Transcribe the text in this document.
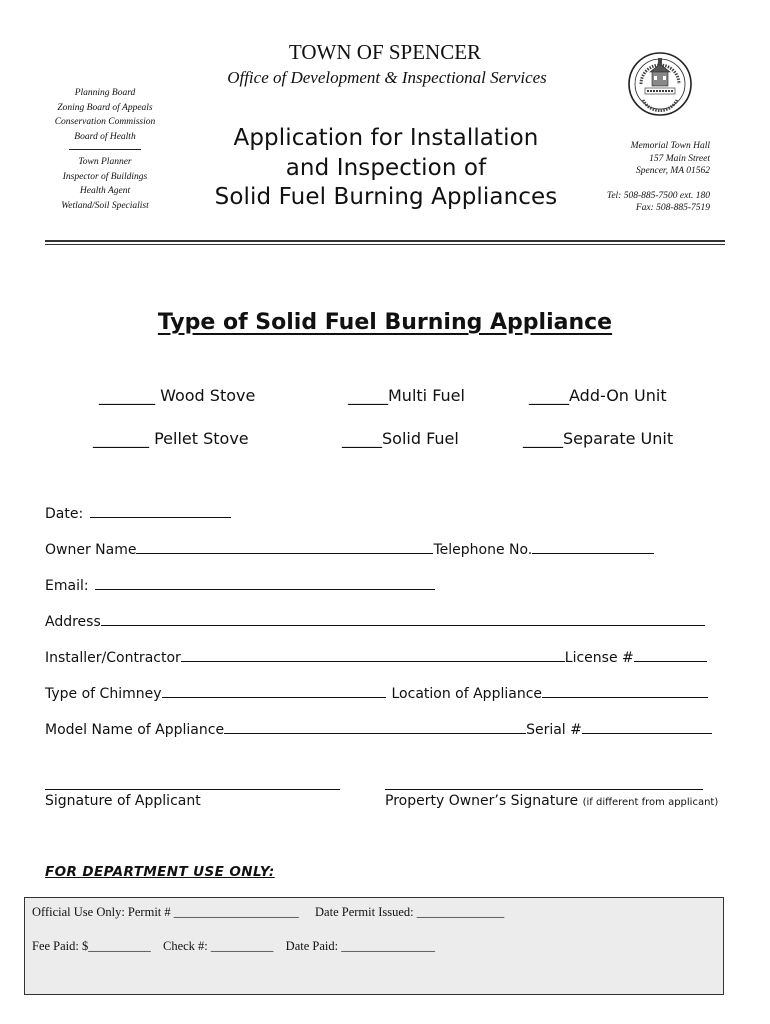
TOWN OF SPENCER
Office of Development & Inspectional Services
Planning Board
Zoning Board of Appeals
Conservation Commission
Board of Health
Town Planner
Inspector of Buildings
Health Agent
Wetland/Soil Specialist
Application for Installation
and Inspection of
Solid Fuel Burning Appliances
Memorial Town Hall
157 Main Street
Spencer, MA 01562
Tel: 508-885-7500 ext. 180
Fax: 508-885-7519
Type of Solid Fuel Burning Appliance
_______ Wood Stove	_____Multi Fuel	_____Add-On Unit
_______ Pellet Stove	_____Solid Fuel	_____Separate Unit
Date:
Owner Name	Telephone No.
Email:
Address
Installer/Contractor	License #
Type of Chimney	Location of Appliance
Model Name of Appliance	Serial #
Signature of Applicant	Property Owner’s Signature (if different from applicant)
FOR DEPARTMENT USE ONLY:
Official Use Only: Permit # ____________________ Date Permit Issued: ______________
Fee Paid: $__________ Check #: __________ Date Paid: _______________
